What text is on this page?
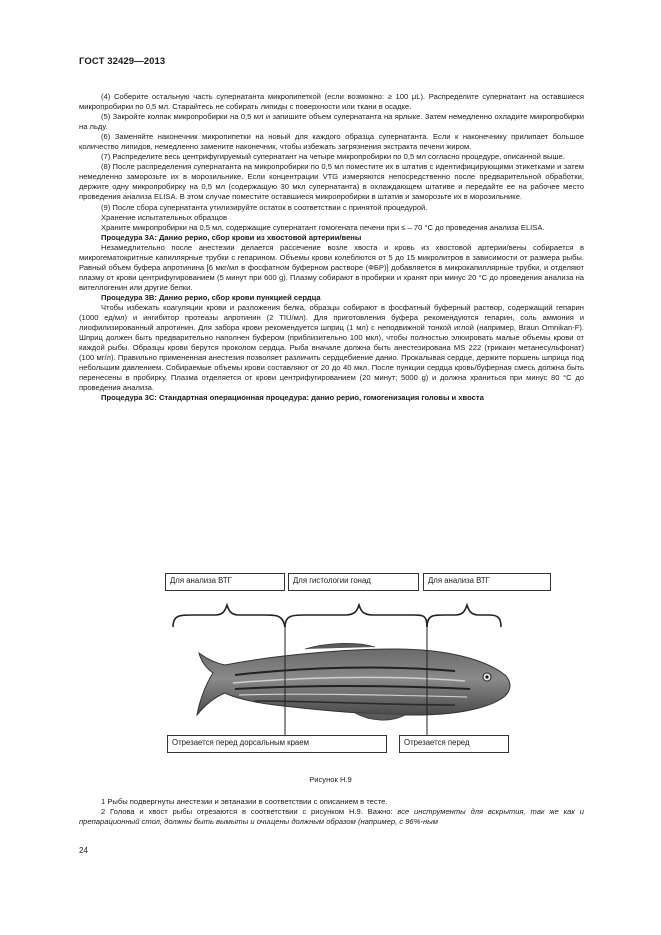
ГОСТ 32429—2013

(4) Соберите остальную часть супернатанта микропипеткой (если возможно: ≥ 100 μL). Распределите супернатант на оставшиеся микропробирки по 0,5 мл. Старайтесь не собирать липиды с поверхности или ткани в осадке.

(5) Закройте колпак микропробирки на 0,5 мл и запишите объем супернатанта на ярлыке. Затем немедленно охладите микропробирки на льду.

(6) Заменяйте наконечник микропипетки на новый для каждого образца супернатанта. Если к наконечнику прилипает большое количество липидов, немедленно замените наконечник, чтобы избежать загрязнения экстракта печени жиром.

(7) Распределите весь центрифугируемый супернатант на четыре микропробирки по 0,5 мл согласно процедуре, описанной выше.

(8) После распределения супернатанта на микропробирки по 0,5 мл поместите их в штатив с идентифицирующими этикетками и затем немедленно заморозьте их в морозильнике. Если концентрации VTG измеряются непосредственно после предварительной обработки, держите одну микропробирку на 0,5 мл (содержащую 30 мкл супернатанта) в охлаждающем штативе и передайте ее на рабочее место проведения анализа ELISA. В этом случае поместите оставшиеся микропробирки в штатив и заморозьте их в морозильнике.

(9) После сбора супернатанта утилизируйте остаток в соответствии с принятой процедурой.

Хранение испытательных образцов

Храните микропробирки на 0,5 мл, содержащие супернатант гомогената печени при ≤ – 70 °С до проведения анализа ELISA.

Процедура 3А: Данио рерио, сбор крови из хвостовой артерии/вены

Незамедлительно после анестезии делается рассечение возле хвоста и кровь из хвостовой артерии/вены собирается в микрогематокритные капиллярные трубки с гепарином. Объемы крови колеблются от 5 до 15 микролитров в зависимости от размера рыбы. Равный объем буфера апротинина [6 мкг/мл в фосфатном буферном растворе (ФБР)] добавляется в микрокапиллярные трубки, и отделяют плазму от крови центрифугированием (5 минут при 600 g). Плазму собирают в пробирки и хранят при минус 20 °С до проведения анализа на вителлогенин или другие белки.

Процедура 3В: Данио рерио, сбор крови пункцией сердца

Чтобы избежать коагуляции крови и разложения белка, образцы собирают в фосфатный буферный раствор, содержащий гепарин (1000 ед/мл) и ингибитор протеазы апротинин (2 TIU/мл). Для приготовления буфера рекомендуются гепарин, соль аммония и лиофилизированный апротинин. Для забора крови рекомендуется шприц (1 мл) с неподвижной тонкой иглой (например, Braun Omnikan-F). Шприц должен быть предварительно наполнен буфером (приблизительно 100 мкл), чтобы полностью элюировать малые объемы крови от каждой рыбы. Образцы крови берутся проколом сердца. Рыба вначале должна быть анестезирована MS 222 (трикаин метанесульфонат) (100 мг/л). Правильно примененная анестезия позволяет различить сердцебиение данио. Прокалывая сердце, держите поршень шприца под небольшим давлением. Собираемые объемы крови составляют от 20 до 40 мкл. После пункции сердца кровь/буферная смесь должна быть перенесены в пробирку. Плазма отделяется от крови центрифугированием (20 минут; 5000 g) и должна храниться при минус 80 °С до проведения анализа.

Процедура 3С: Стандартная операционная процедура: данио рерио, гомогенизация головы и хвоста

Для анализа ВТГ	Для гистологии гонад	Для анализа ВТГ
Отрезается перед дорсальным краем	Отрезается перед
Рисунок Н.9

1 Рыбы подвергнуты анестезии и эвтаназии в соответствии с описанием в тесте.

2 Голова и хвост рыбы отрезаются в соответствии с рисунком Н.9. Важно: все инструменты для вскрытия, так же как и препарационный стол, должны быть вымыты и очищены должным образом (например, с 96%-ным

24
